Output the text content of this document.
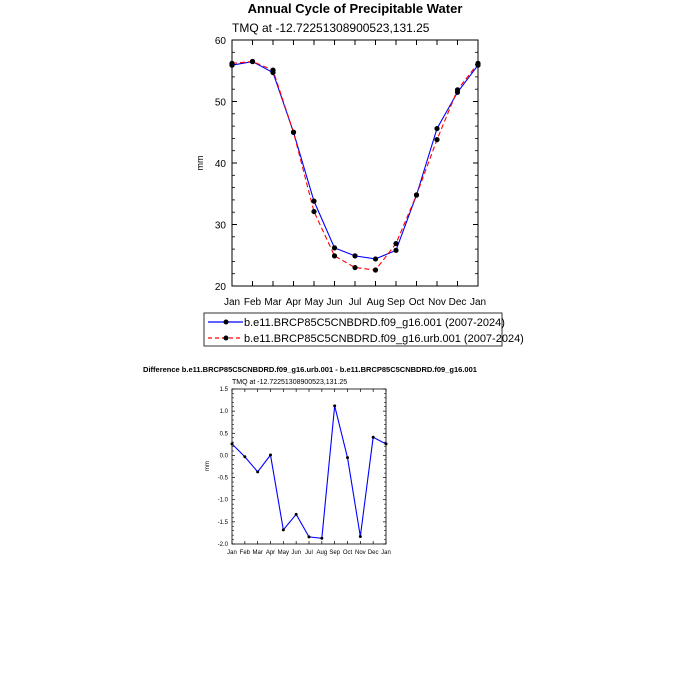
Annual Cycle of Precipitable Water
TMQ at -12.72251308900523,131.25
mm
Jan Feb Mar Apr May Jun Jul Aug Sep Oct Nov Dec Jan
20
30
40
50
60
b.e11.BRCP85C5CNBDRD.f09_g16.001 (2007-2024)
b.e11.BRCP85C5CNBDRD.f09_g16.urb.001 (2007-2024)
Difference b.e11.BRCP85C5CNBDRD.f09_g16.urb.001 - b.e11.BRCP85C5CNBDRD.f09_g16.001
TMQ at -12.72251308900523,131.25
mm
Jan Feb Mar Apr May Jun Jul Aug Sep Oct Nov Dec Jan
-2.0
-1.5
-1.0
-0.5
0.0
0.5
1.0
1.5
